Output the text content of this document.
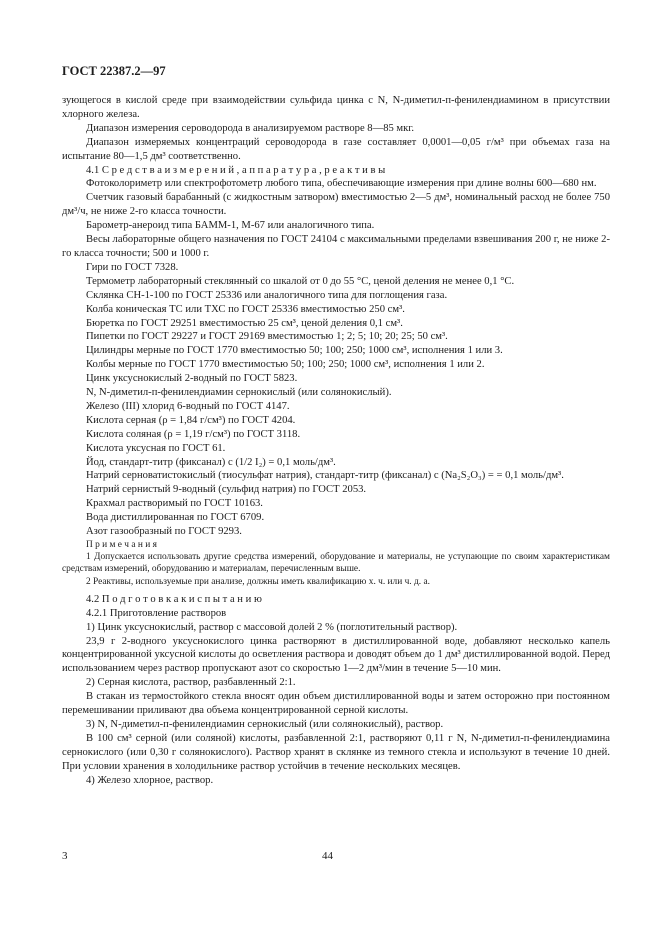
ГОСТ 22387.2—97

зующегося в кислой среде при взаимодействии сульфида цинка с N, N-диметил-п-фенилендиамином в присутствии хлорного железа.

Диапазон измерения сероводорода в анализируемом растворе 8—85 мкг.

Диапазон измеряемых концентраций сероводорода в газе составляет 0,0001—0,05 г/м³ при объемах газа на испытание 80—1,5 дм³ соответственно.

4.1 С р е д с т в а и з м е р е н и й , а п п а р а т у р а , р е а к т и в ы

Фотоколориметр или спектрофотометр любого типа, обеспечивающие измерения при длине волны 600—680 нм.

Счетчик газовый барабанный (с жидкостным затвором) вместимостью 2—5 дм³, номинальный расход не более 750 дм³/ч, не ниже 2-го класса точности.

Барометр-анероид типа БАММ-1, М-67 или аналогичного типа.

Весы лабораторные общего назначения по ГОСТ 24104 с максимальными пределами взвешивания 200 г, не ниже 2-го класса точности; 500 и 1000 г.

Гири по ГОСТ 7328.

Термометр лабораторный стеклянный со шкалой от 0 до 55 °С, ценой деления не менее 0,1 °С.

Склянка СН-1-100 по ГОСТ 25336 или аналогичного типа для поглощения газа.

Колба коническая ТС или ТХС по ГОСТ 25336 вместимостью 250 см³.

Бюретка по ГОСТ 29251 вместимостью 25 см³, ценой деления 0,1 см³.

Пипетки по ГОСТ 29227 и ГОСТ 29169 вместимостью 1; 2; 5; 10; 20; 25; 50 см³.

Цилиндры мерные по ГОСТ 1770 вместимостью 50; 100; 250; 1000 см³, исполнения 1 или 3.

Колбы мерные по ГОСТ 1770 вместимостью 50; 100; 250; 1000 см³, исполнения 1 или 2.

Цинк уксуснокислый 2-водный по ГОСТ 5823.

N, N-диметил-п-фенилендиамин сернокислый (или солянокислый).

Железо (III) хлорид 6-водный по ГОСТ 4147.

Кислота серная (ρ = 1,84 г/см³) по ГОСТ 4204.

Кислота соляная (ρ = 1,19 г/см³) по ГОСТ 3118.

Кислота уксусная по ГОСТ 61.

Йод, стандарт-титр (фиксанал) с (1/2 I₂) = 0,1 моль/дм³.

Натрий серноватистокислый (тиосульфат натрия), стандарт-титр (фиксанал) с (Na₂S₂O₃) = = 0,1 моль/дм³.

Натрий сернистый 9-водный (сульфид натрия) по ГОСТ 2053.

Крахмал растворимый по ГОСТ 10163.

Вода дистиллированная по ГОСТ 6709.

Азот газообразный по ГОСТ 9293.

П р и м е ч а н и я

1 Допускается использовать другие средства измерений, оборудование и материалы, не уступающие по своим характеристикам средствам измерений, оборудованию и материалам, перечисленным выше.

2 Реактивы, используемые при анализе, должны иметь квалификацию х. ч. или ч. д. а.

4.2 П о д г о т о в к а к и с п ы т а н и ю

4.2.1 Приготовление растворов

1) Цинк уксуснокислый, раствор с массовой долей 2 % (поглотительный раствор).

23,9 г 2-водного уксуснокислого цинка растворяют в дистиллированной воде, добавляют несколько капель концентрированной уксусной кислоты до осветления раствора и доводят объем до 1 дм³ дистиллированной водой. Перед использованием через раствор пропускают азот со скоростью 1—2 дм³/мин в течение 5—10 мин.

2) Серная кислота, раствор, разбавленный 2:1.

В стакан из термостойкого стекла вносят один объем дистиллированной воды и затем осторожно при постоянном перемешивании приливают два объема концентрированной серной кислоты.

3) N, N-диметил-п-фенилендиамин сернокислый (или солянокислый), раствор.

В 100 см³ серной (или соляной) кислоты, разбавленной 2:1, растворяют 0,11 г N, N-диметил-п-фенилендиамина сернокислого (или 0,30 г солянокислого). Раствор хранят в склянке из темного стекла и используют в течение 10 дней. При условии хранения в холодильнике раствор устойчив в течение нескольких месяцев.

4) Железо хлорное, раствор.

3	44
